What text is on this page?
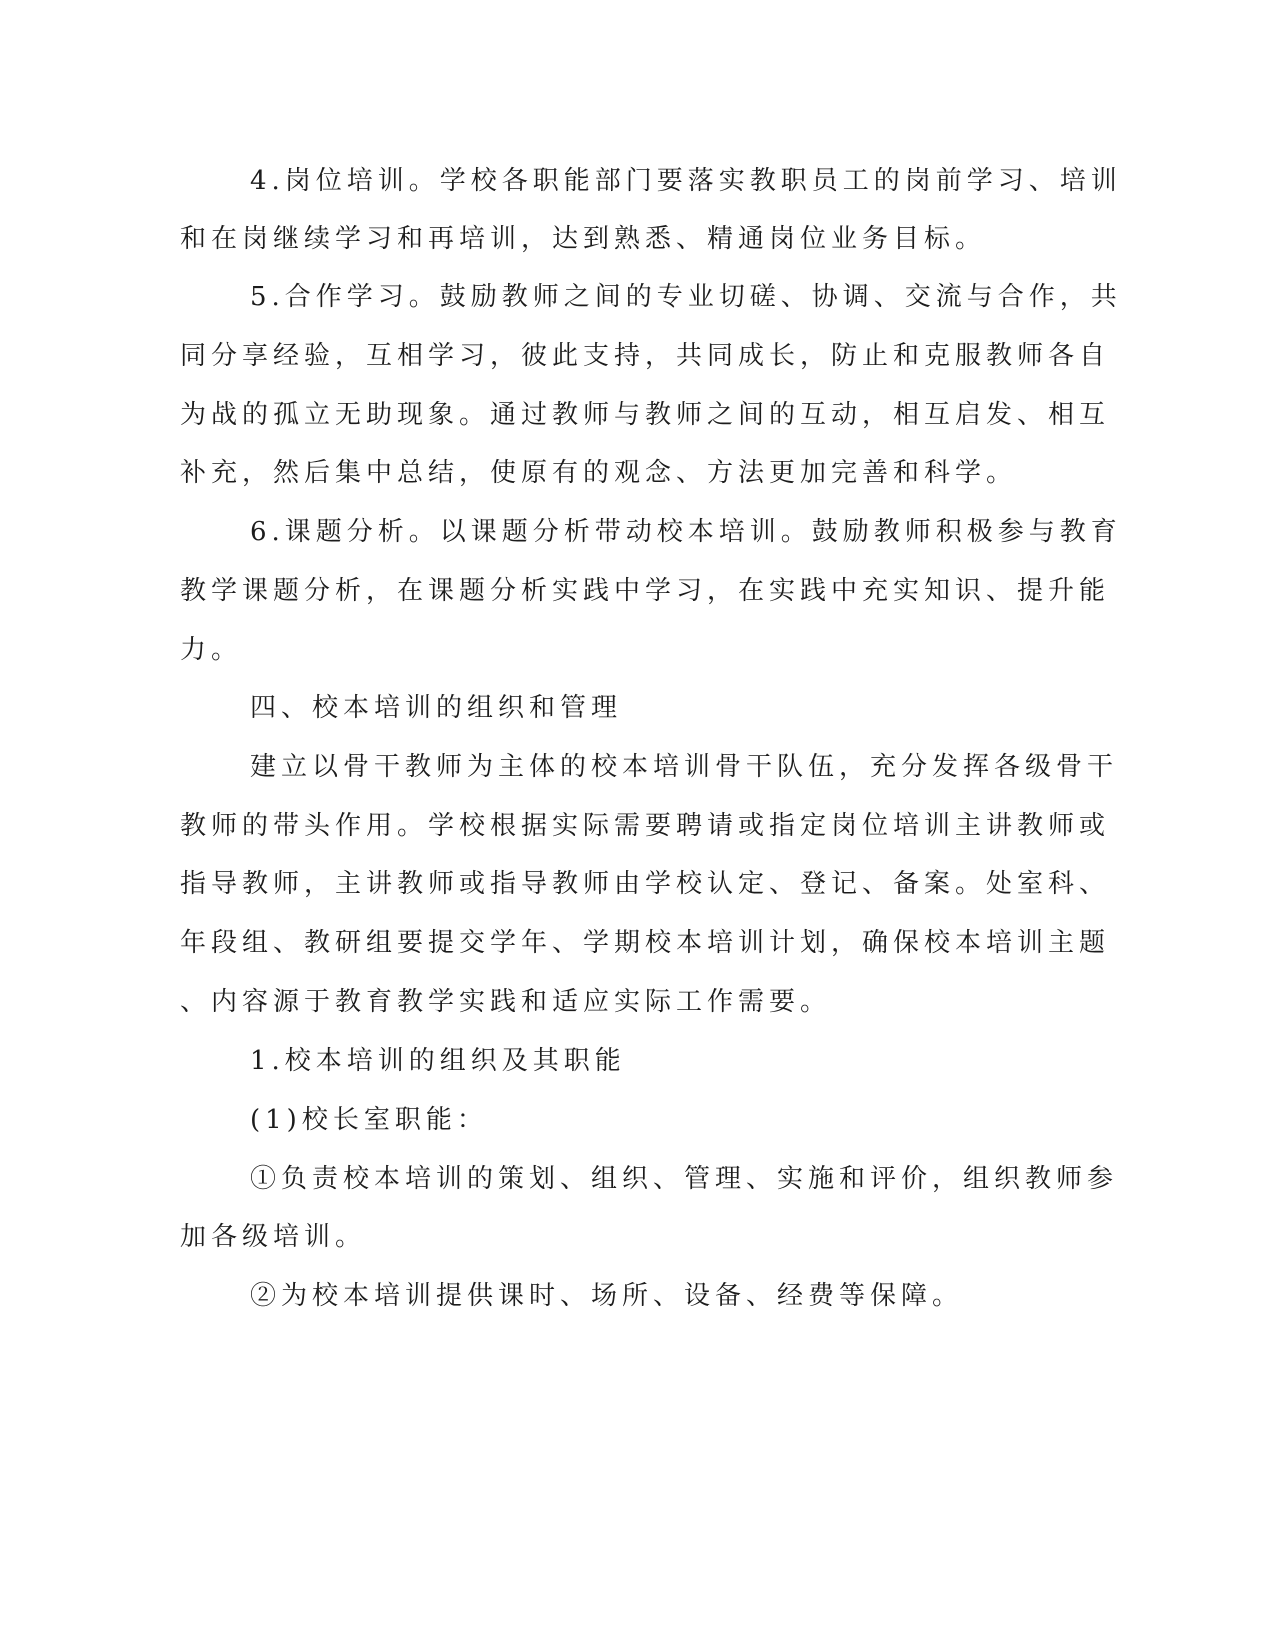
4.岗位培训。学校各职能部门要落实教职员工的岗前学习、培训
和在岗继续学习和再培训，达到熟悉、精通岗位业务目标。
5.合作学习。鼓励教师之间的专业切磋、协调、交流与合作，共
同分享经验，互相学习，彼此支持，共同成长，防止和克服教师各自
为战的孤立无助现象。通过教师与教师之间的互动，相互启发、相互
补充，然后集中总结，使原有的观念、方法更加完善和科学。
6.课题分析。以课题分析带动校本培训。鼓励教师积极参与教育
教学课题分析，在课题分析实践中学习，在实践中充实知识、提升能
力。
四、校本培训的组织和管理
建立以骨干教师为主体的校本培训骨干队伍，充分发挥各级骨干
教师的带头作用。学校根据实际需要聘请或指定岗位培训主讲教师或
指导教师，主讲教师或指导教师由学校认定、登记、备案。处室科、
年段组、教研组要提交学年、学期校本培训计划，确保校本培训主题
、内容源于教育教学实践和适应实际工作需要。
1.校本培训的组织及其职能
(1)校长室职能：
①负责校本培训的策划、组织、管理、实施和评价，组织教师参
加各级培训。
②为校本培训提供课时、场所、设备、经费等保障。
